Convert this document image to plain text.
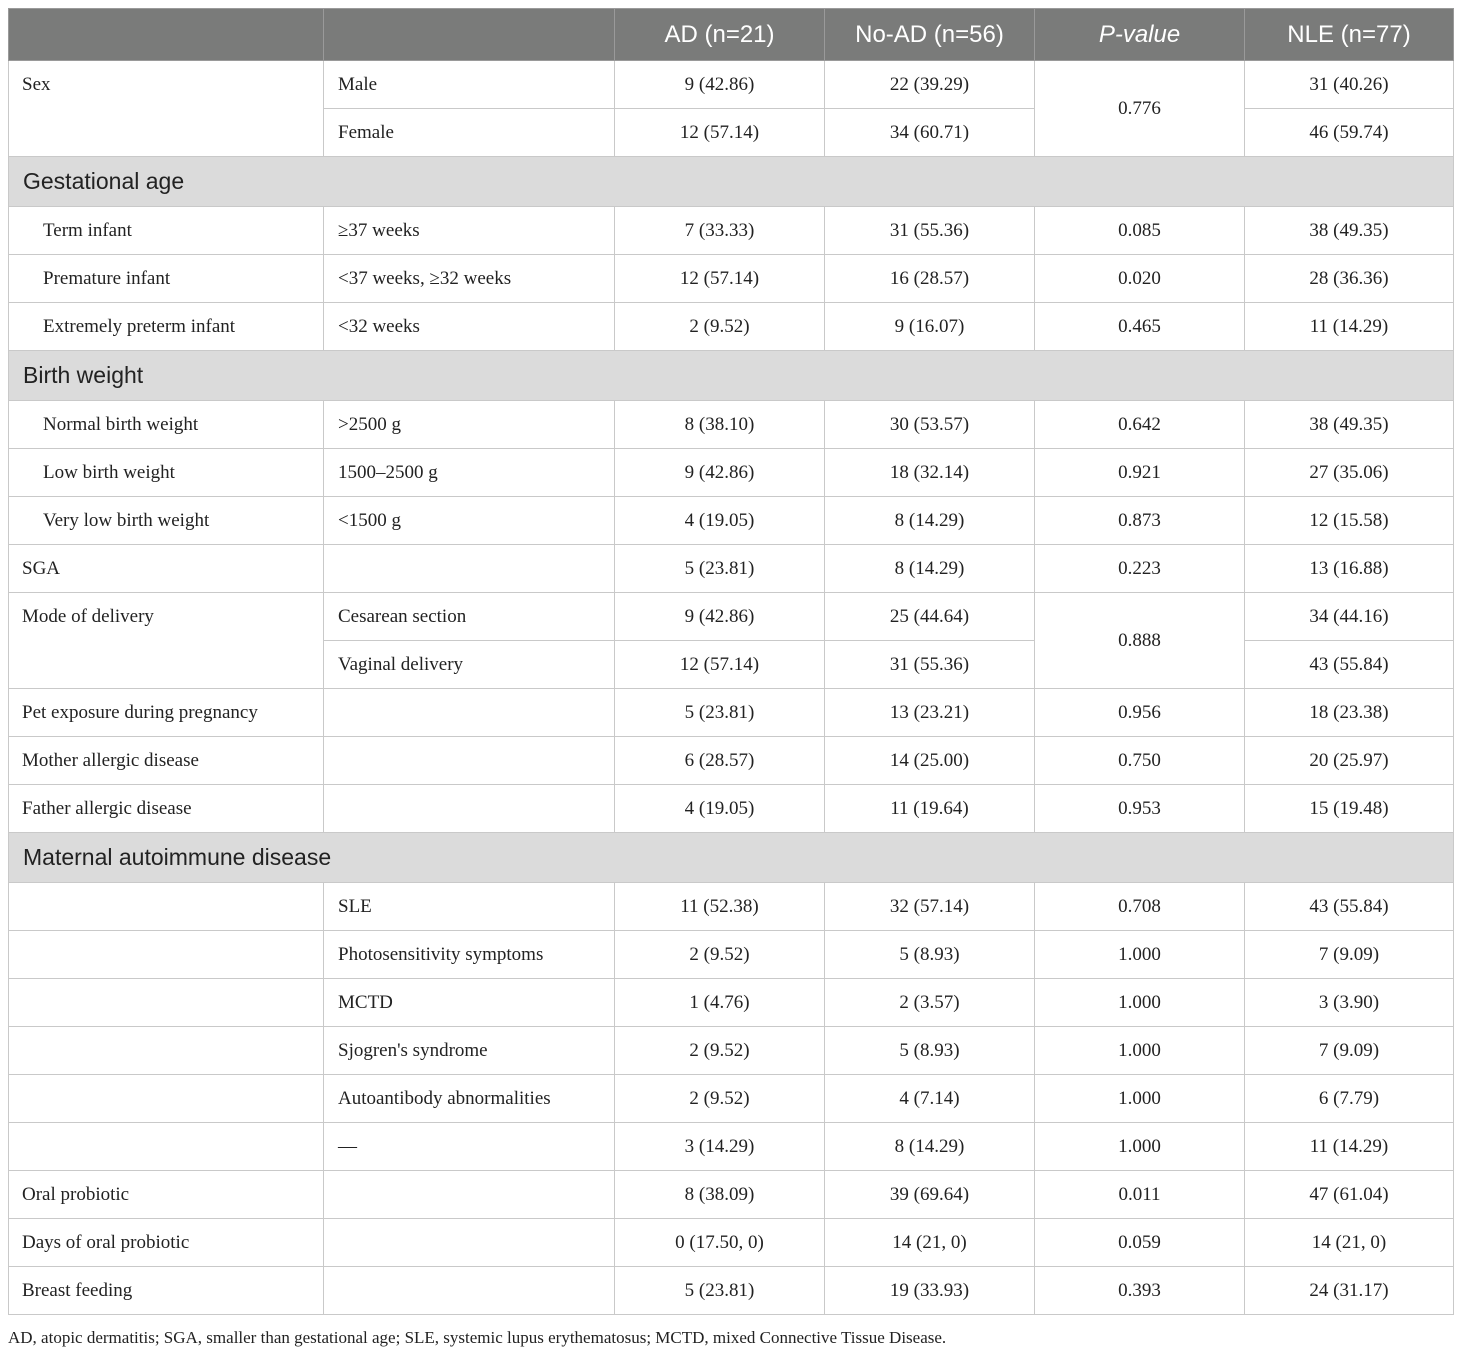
		AD (n=21)	No-AD (n=56)	P-value	NLE (n=77)
Sex	Male	9 (42.86)	22 (39.29)	0.776	31 (40.26)
	Female	12 (57.14)	34 (60.71)		46 (59.74)
Gestational age					
Term infant	≥37 weeks	7 (33.33)	31 (55.36)	0.085	38 (49.35)
Premature infant	<37 weeks, ≥32 weeks	12 (57.14)	16 (28.57)	0.020	28 (36.36)
Extremely preterm infant	<32 weeks	2 (9.52)	9 (16.07)	0.465	11 (14.29)
Birth weight					
Normal birth weight	>2500 g	8 (38.10)	30 (53.57)	0.642	38 (49.35)
Low birth weight	1500–2500 g	9 (42.86)	18 (32.14)	0.921	27 (35.06)
Very low birth weight	<1500 g	4 (19.05)	8 (14.29)	0.873	12 (15.58)
SGA		5 (23.81)	8 (14.29)	0.223	13 (16.88)
Mode of delivery	Cesarean section	9 (42.86)	25 (44.64)	0.888	34 (44.16)
	Vaginal delivery	12 (57.14)	31 (55.36)		43 (55.84)
Pet exposure during pregnancy		5 (23.81)	13 (23.21)	0.956	18 (23.38)
Mother allergic disease		6 (28.57)	14 (25.00)	0.750	20 (25.97)
Father allergic disease		4 (19.05)	11 (19.64)	0.953	15 (19.48)
Maternal autoimmune disease					
	SLE	11 (52.38)	32 (57.14)	0.708	43 (55.84)
	Photosensitivity symptoms	2 (9.52)	5 (8.93)	1.000	7 (9.09)
	MCTD	1 (4.76)	2 (3.57)	1.000	3 (3.90)
	Sjogren's syndrome	2 (9.52)	5 (8.93)	1.000	7 (9.09)
	Autoantibody abnormalities	2 (9.52)	4 (7.14)	1.000	6 (7.79)
	—	3 (14.29)	8 (14.29)	1.000	11 (14.29)
Oral probiotic		8 (38.09)	39 (69.64)	0.011	47 (61.04)
Days of oral probiotic		0 (17.50, 0)	14 (21, 0)	0.059	14 (21, 0)
Breast feeding		5 (23.81)	19 (33.93)	0.393	24 (31.17)

AD, atopic dermatitis; SGA, smaller than gestational age; SLE, systemic lupus erythematosus; MCTD, mixed Connective Tissue Disease.
